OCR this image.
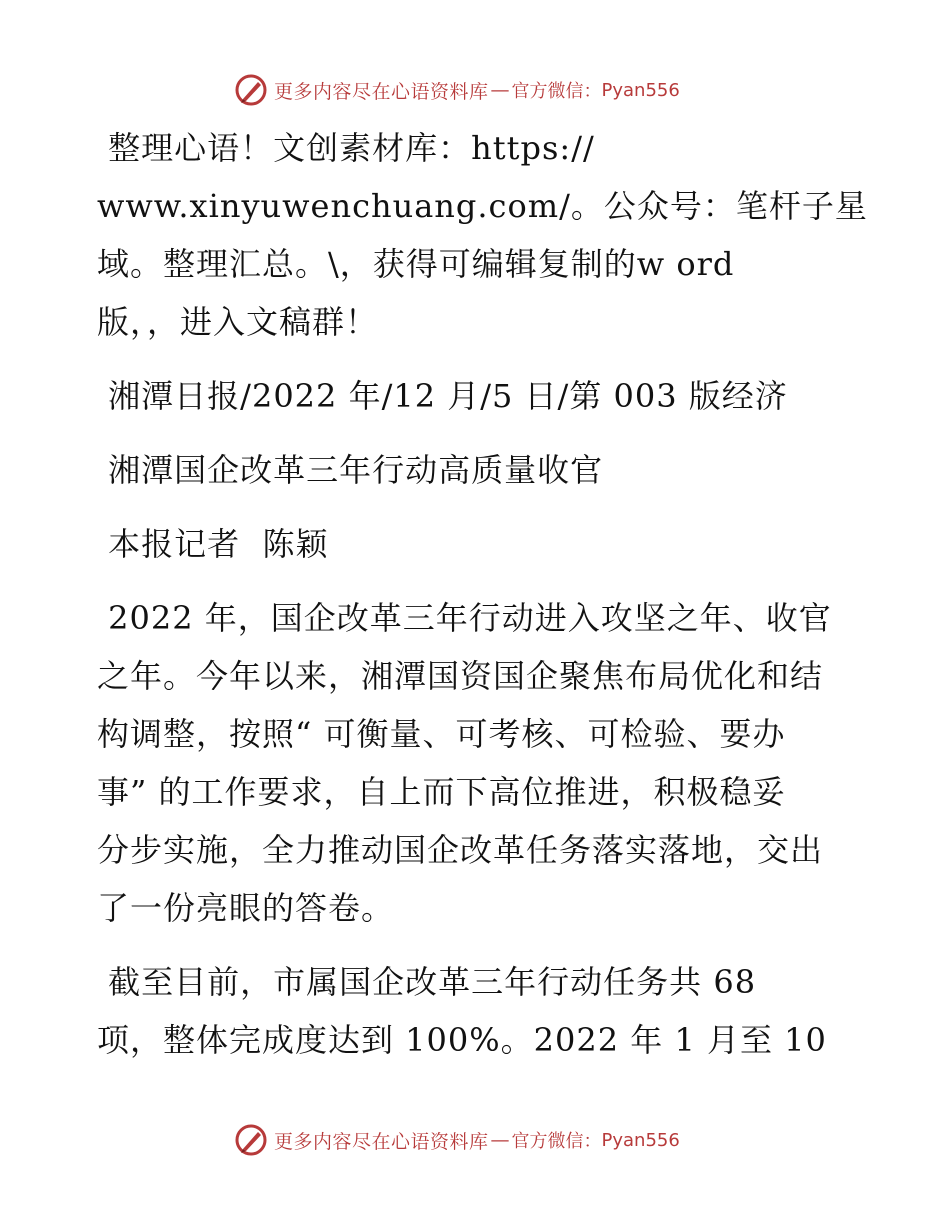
更多内容尽在心语资料库 — 官方微信： Pyan556
整理心语！文创素材库：https://
www.xinyuwenchuang.com/。公众号：笔杆子星
域。整理汇总。\，获得可编辑复制的w ord
版，，进入文稿群！
湘潭日报/2022 年/12 月/5 日/第 003 版经济
湘潭国企改革三年行动高质量收官
本报记者  陈颖
2022 年，国企改革三年行动进入攻坚之年、收官
之年。今年以来，湘潭国资国企聚焦布局优化和结
构调整，按照“ 可衡量、可考核、可检验、要办
事” 的工作要求，自上而下高位推进，积极稳妥
分步实施，全力推动国企改革任务落实落地，交出
了一份亮眼的答卷。
截至目前，市属国企改革三年行动任务共 68
项，整体完成度达到 100%。2022 年 1 月至 10
更多内容尽在心语资料库 — 官方微信： Pyan556
